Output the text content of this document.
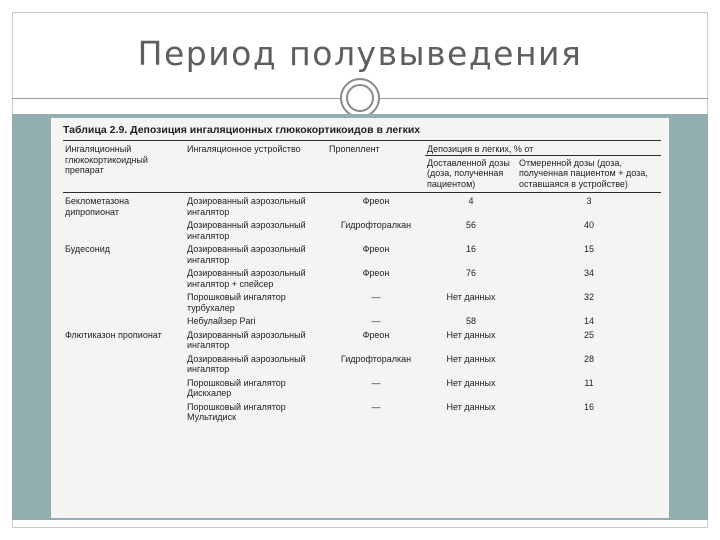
Период полувыведения
Таблица 2.9. Депозиция ингаляционных глюкокортикоидов в легких
Ингаляционный глюкокортикоидный препарат	Ингаляционное устройство	Пропеллент	Депозиция в легких, % от	
			Доставленной дозы (доза, полученная пациентом)	Отмеренной дозы (доза, полученная пациентом + доза, оставшаяся в устройстве)
Беклометазона дипропионат	Дозированный аэрозольный ингалятор	Фреон	4	3
	Дозированный аэрозольный ингалятор	Гидрофторалкан	56	40
Будесонид	Дозированный аэрозольный ингалятор	Фреон	16	15
	Дозированный аэрозольный ингалятор + спейсер	Фреон	76	34
	Порошковый ингалятор турбухалер	—	Нет данных	32
	Небулайзер Pari	—	58	14
Флютиказон пропионат	Дозированный аэрозольный ингалятор	Фреон	Нет данных	25
	Дозированный аэрозольный ингалятор	Гидрофторалкан	Нет данных	28
	Порошковый ингалятор Дискхалер	—	Нет данных	11
	Порошковый ингалятор Мультидиск	—	Нет данных	16
